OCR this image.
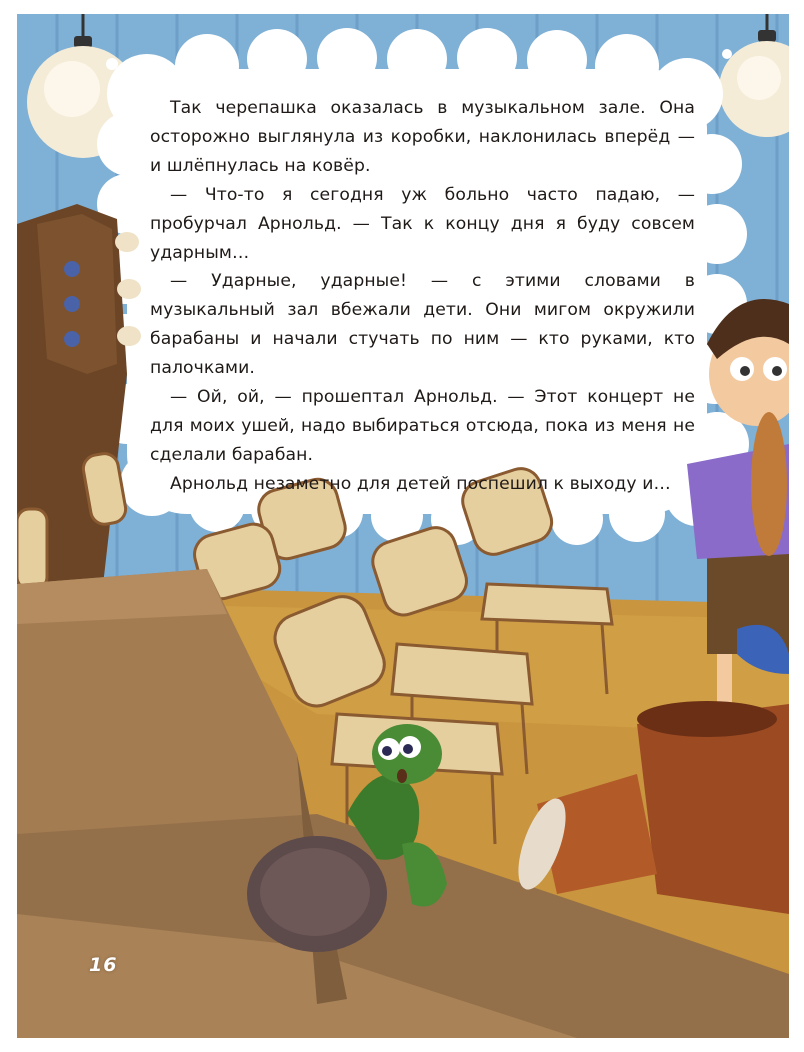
Так черепашка оказалась в музыкальном зале. Она осторожно выглянула из коробки, наклонилась вперёд — и шлёпнулась на ковёр.

— Что-то я сегодня уж больно часто падаю, — пробурчал Арнольд. — Так к концу дня я буду совсем ударным…

— Ударные, ударные! — с этими словами в музыкальный зал вбежали дети. Они мигом окружили барабаны и начали стучать по ним — кто руками, кто палочками.

— Ой, ой, — прошептал Арнольд. — Этот концерт не для моих ушей, надо выбираться отсюда, пока из меня не сделали барабан.

Арнольд незаметно для детей поспешил к выходу и…

16
